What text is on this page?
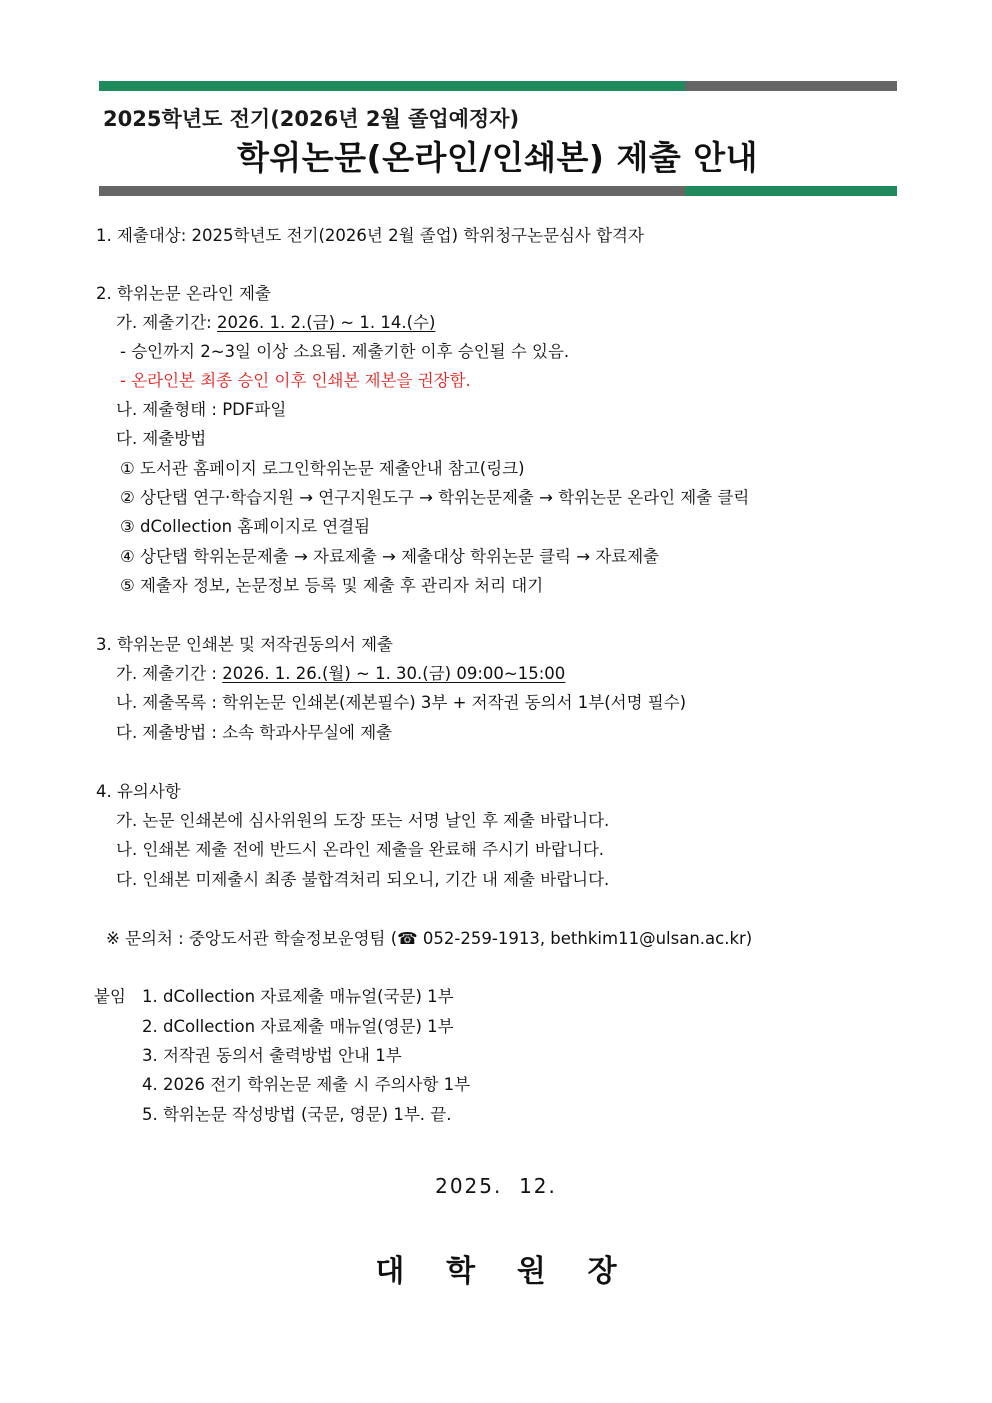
2025학년도 전기(2026년 2월 졸업예정자)
학위논문(온라인/인쇄본) 제출 안내
1. 제출대상: 2025학년도 전기(2026년 2월 졸업) 학위청구논문심사 합격자
2. 학위논문 온라인 제출
가. 제출기간: 2026. 1. 2.(금) ~ 1. 14.(수)
- 승인까지 2~3일 이상 소요됨. 제출기한 이후 승인될 수 있음.
- 온라인본 최종 승인 이후 인쇄본 제본을 권장함.
나. 제출형태 : PDF파일
다. 제출방법
① 도서관 홈페이지 로그인학위논문 제출안내 참고(링크)
② 상단탭 연구·학습지원 → 연구지원도구 → 학위논문제출 → 학위논문 온라인 제출 클릭
③ dCollection 홈페이지로 연결됨
④ 상단탭 학위논문제출 → 자료제출 → 제출대상 학위논문 클릭 → 자료제출
⑤ 제출자 정보, 논문정보 등록 및 제출 후 관리자 처리 대기
3. 학위논문 인쇄본 및 저작권동의서 제출
가. 제출기간 : 2026. 1. 26.(월) ~ 1. 30.(금) 09:00~15:00
나. 제출목록 : 학위논문 인쇄본(제본필수) 3부 + 저작권 동의서 1부(서명 필수)
다. 제출방법 : 소속 학과사무실에 제출
4. 유의사항
가. 논문 인쇄본에 심사위원의 도장 또는 서명 날인 후 제출 바랍니다.
나. 인쇄본 제출 전에 반드시 온라인 제출을 완료해 주시기 바랍니다.
다. 인쇄본 미제출시 최종 불합격처리 되오니, 기간 내 제출 바랍니다.
※ 문의처 : 중앙도서관 학술정보운영팀 (☎ 052-259-1913, bethkim11@ulsan.ac.kr)
붙임 1. dCollection 자료제출 매뉴얼(국문) 1부
2. dCollection 자료제출 매뉴얼(영문) 1부
3. 저작권 동의서 출력방법 안내 1부
4. 2026 전기 학위논문 제출 시 주의사항 1부
5. 학위논문 작성방법 (국문, 영문) 1부. 끝.
2025.  12.
대    학    원    장
